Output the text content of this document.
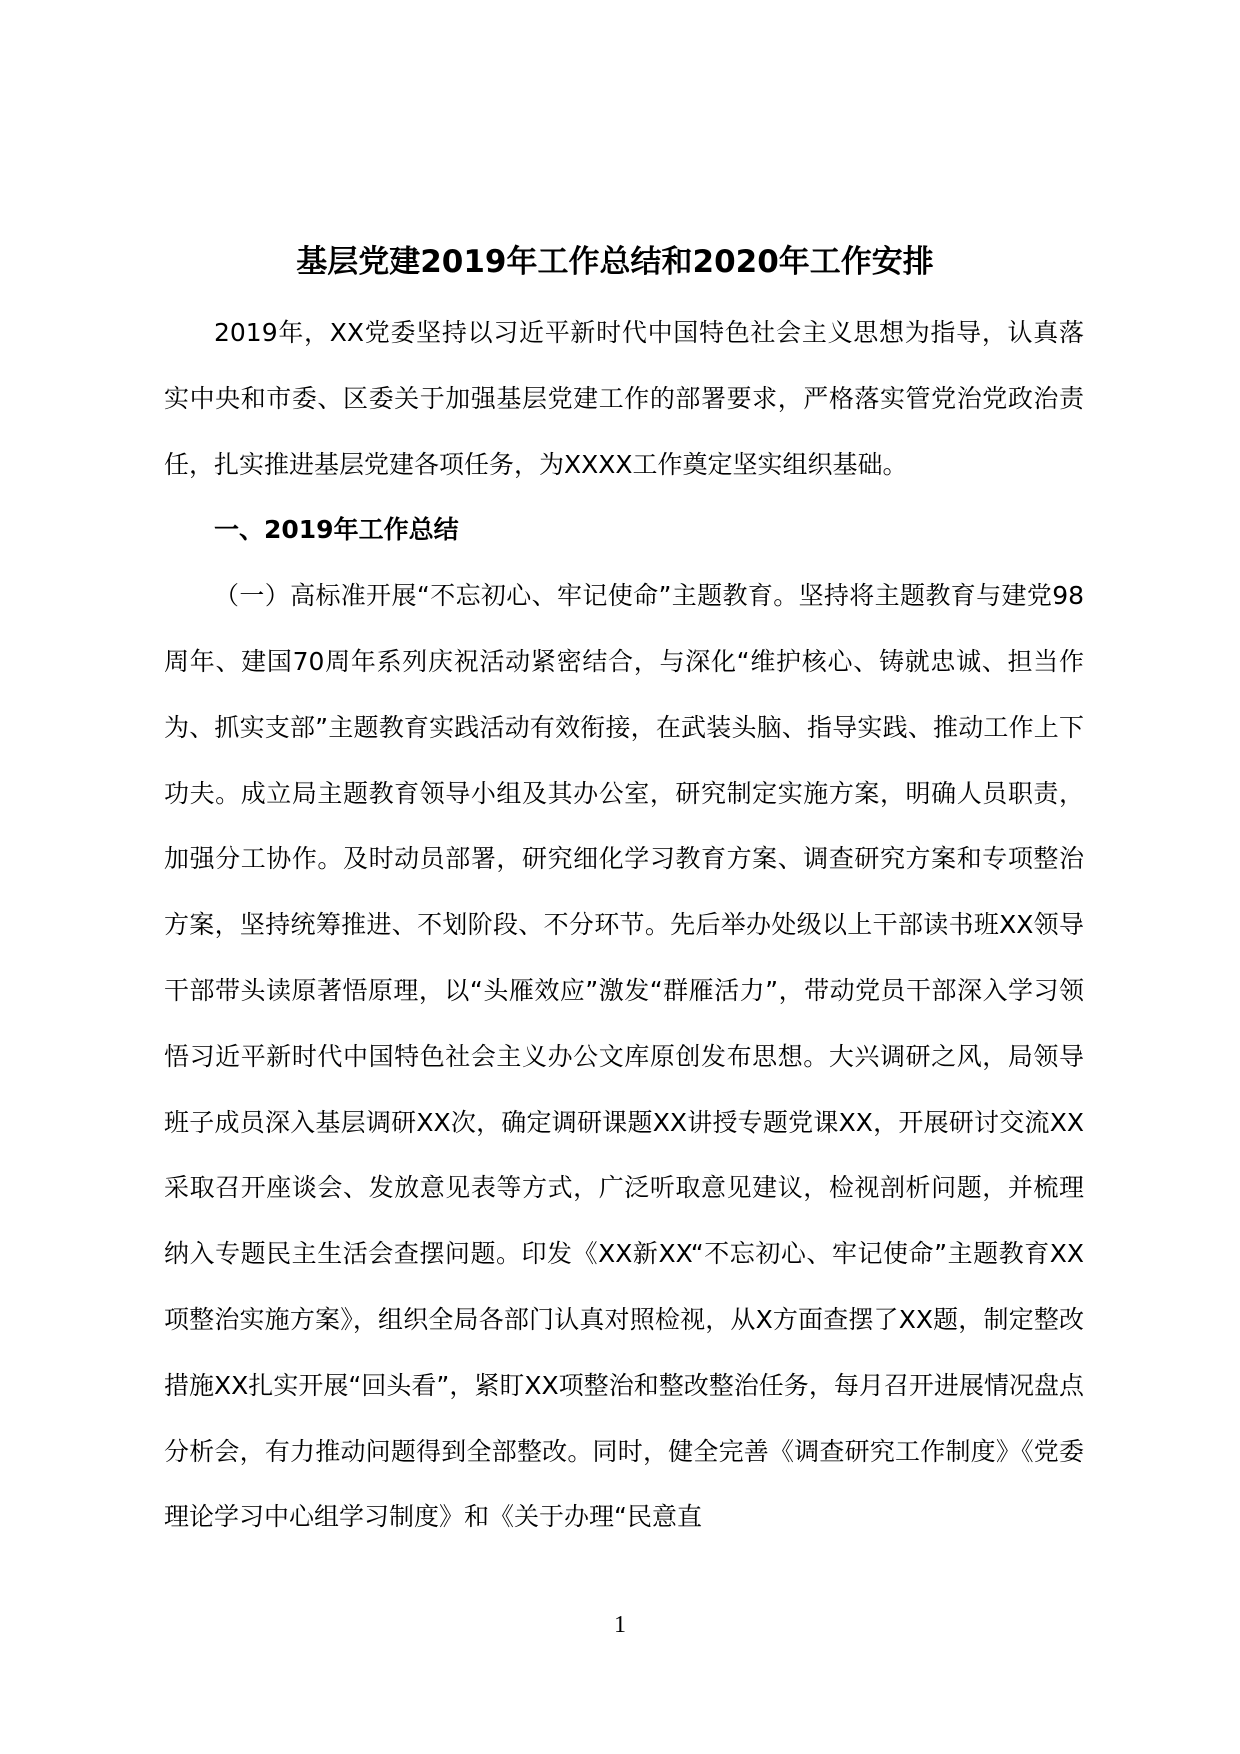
基层党建2019年工作总结和2020年工作安排

2019年，XX党委坚持以习近平新时代中国特色社会主义思想为指导，认真落实中央和市委、区委关于加强基层党建工作的部署要求，严格落实管党治党政治责任，扎实推进基层党建各项任务，为XXXX工作奠定坚实组织基础。

一、2019年工作总结

（一）高标准开展“不忘初心、牢记使命”主题教育。坚持将主题教育与建党98周年、建国70周年系列庆祝活动紧密结合，与深化“维护核心、铸就忠诚、担当作为、抓实支部”主题教育实践活动有效衔接，在武装头脑、指导实践、推动工作上下功夫。成立局主题教育领导小组及其办公室，研究制定实施方案，明确人员职责，加强分工协作。及时动员部署，研究细化学习教育方案、调查研究方案和专项整治方案，坚持统筹推进、不划阶段、不分环节。先后举办处级以上干部读书班XX领导干部带头读原著悟原理，以“头雁效应”激发“群雁活力”，带动党员干部深入学习领悟习近平新时代中国特色社会主义办公文库原创发布思想。大兴调研之风，局领导班子成员深入基层调研XX次，确定调研课题XX讲授专题党课XX，开展研讨交流XX采取召开座谈会、发放意见表等方式，广泛听取意见建议，检视剖析问题，并梳理纳入专题民主生活会查摆问题。印发《XX新XX“不忘初心、牢记使命”主题教育XX项整治实施方案》，组织全局各部门认真对照检视，从X方面查摆了XX题，制定整改措施XX扎实开展“回头看”，紧盯XX项整治和整改整治任务，每月召开进展情况盘点分析会，有力推动问题得到全部整改。同时，健全完善《调查研究工作制度》《党委理论学习中心组学习制度》和《关于办理“民意直

1
